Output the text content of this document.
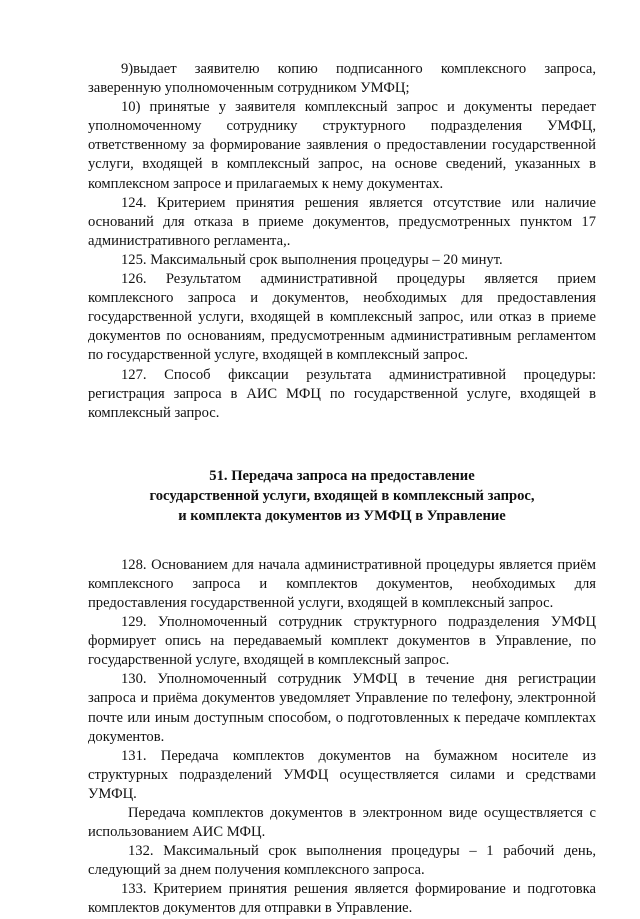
9)выдает заявителю копию подписанного комплексного запроса, заверенную уполномоченным сотрудником УМФЦ;

10) принятые у заявителя комплексный запрос и документы передает уполномоченному сотруднику структурного подразделения УМФЦ, ответственному за формирование заявления о предоставлении государственной услуги, входящей в комплексный запрос, на основе сведений, указанных в комплексном запросе и прилагаемых к нему документах.

124. Критерием принятия решения является отсутствие или наличие оснований для отказа в приеме документов, предусмотренных пунктом 17 административного регламента,.

125. Максимальный срок выполнения процедуры – 20 минут.

126. Результатом административной процедуры является прием комплексного запроса и документов, необходимых для предоставления государственной услуги, входящей в комплексный запрос, или отказ в приеме документов по основаниям, предусмотренным административным регламентом по государственной услуге, входящей в комплексный запрос.

127. Способ фиксации результата административной процедуры: регистрация запроса в АИС МФЦ по государственной услуге, входящей в комплексный запрос.

51. Передача запроса на предоставление
государственной услуги, входящей в комплексный запрос,
и комплекта документов из УМФЦ в Управление

128. Основанием для начала административной процедуры является приём комплексного запроса и комплектов документов, необходимых для предоставления государственной услуги, входящей в комплексный запрос.

129. Уполномоченный сотрудник структурного подразделения УМФЦ формирует опись на передаваемый комплект документов в Управление, по государственной услуге, входящей в комплексный запрос.

130. Уполномоченный сотрудник УМФЦ в течение дня регистрации запроса и приёма документов уведомляет Управление по телефону, электронной почте или иным доступным способом, о подготовленных к передаче комплектах документов.

131. Передача комплектов документов на бумажном носителе из структурных подразделений УМФЦ осуществляется силами и средствами УМФЦ.

Передача комплектов документов в электронном виде осуществляется с использованием АИС МФЦ.

132. Максимальный срок выполнения процедуры – 1 рабочий день, следующий за днем получения комплексного запроса.

133. Критерием принятия решения является формирование и подготовка комплектов документов для отправки в Управление.
